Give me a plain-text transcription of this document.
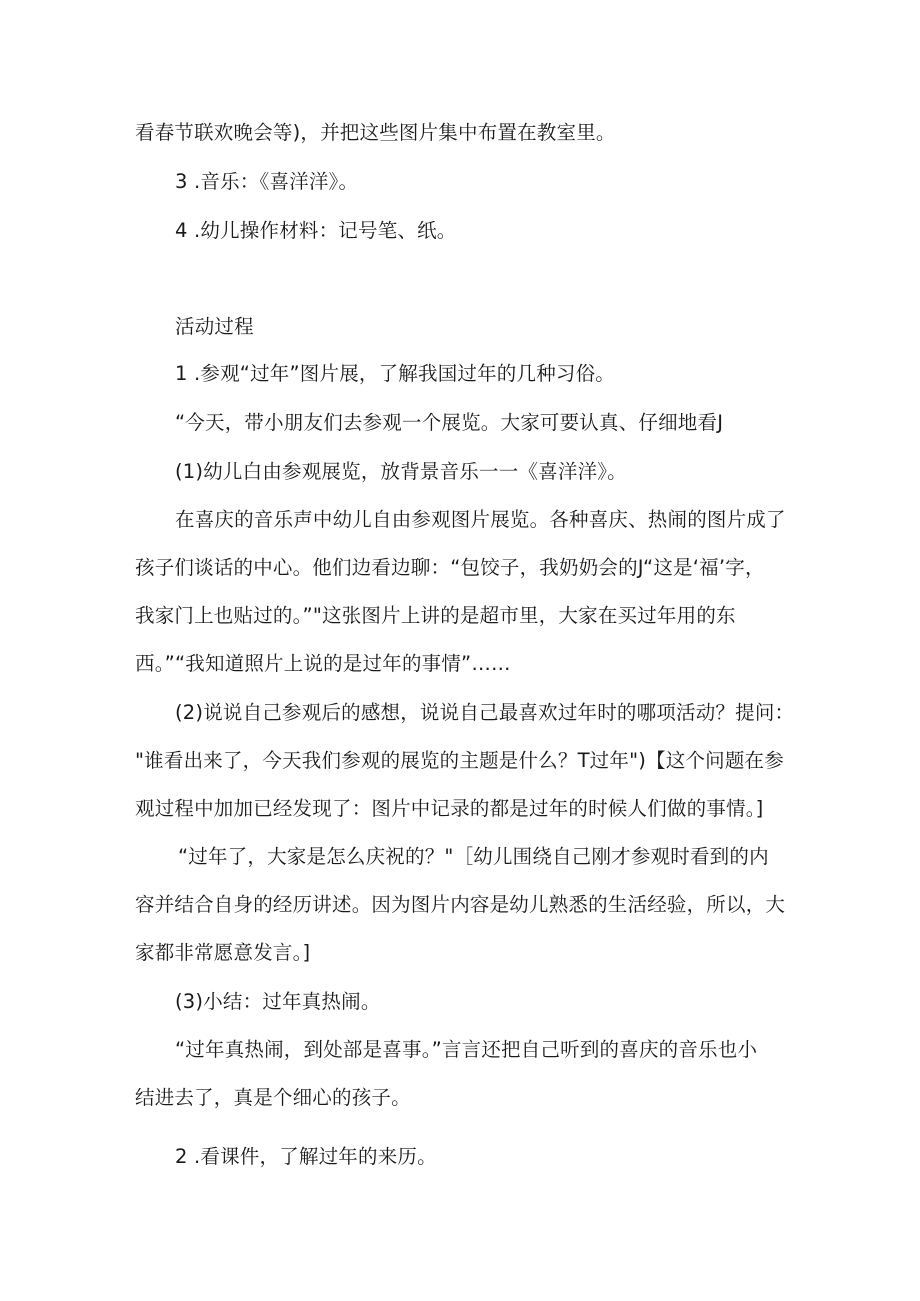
看春节联欢晚会等)，并把这些图片集中布置在教室里。
3 .音乐：《喜洋洋》。
4 .幼儿操作材料：记号笔、纸。
活动过程
1 .参观“过年”图片展，了解我国过年的几种习俗。
“今天，带小朋友们去参观一个展览。大家可要认真、仔细地看J
(1)幼儿白由参观展览，放背景音乐一一《喜洋洋》。
在喜庆的音乐声中幼儿自由参观图片展览。各种喜庆、热闹的图片成了
孩子们谈话的中心。他们边看边聊：“包饺子，我奶奶会的J“这是‘福’字，
我家门上也贴过的。”"这张图片上讲的是超市里，大家在买过年用的东
西。”“我知道照片上说的是过年的事情”……
(2)说说自己参观后的感想，说说自己最喜欢过年时的哪项活动？提问：
"谁看出来了，今天我们参观的展览的主题是什么？T过年")【这个问题在参
观过程中加加已经发现了：图片中记录的都是过年的时候人们做的事情。]
“过年了，大家是怎么庆祝的？"［幼儿围绕自己刚才参观时看到的内
容并结合自身的经历讲述。因为图片内容是幼儿熟悉的生活经验，所以，大
家都非常愿意发言。]
(3)小结：过年真热闹。
“过年真热闹，到处部是喜事。”言言还把自己听到的喜庆的音乐也小
结进去了，真是个细心的孩子。
2 .看课件，了解过年的来历。
